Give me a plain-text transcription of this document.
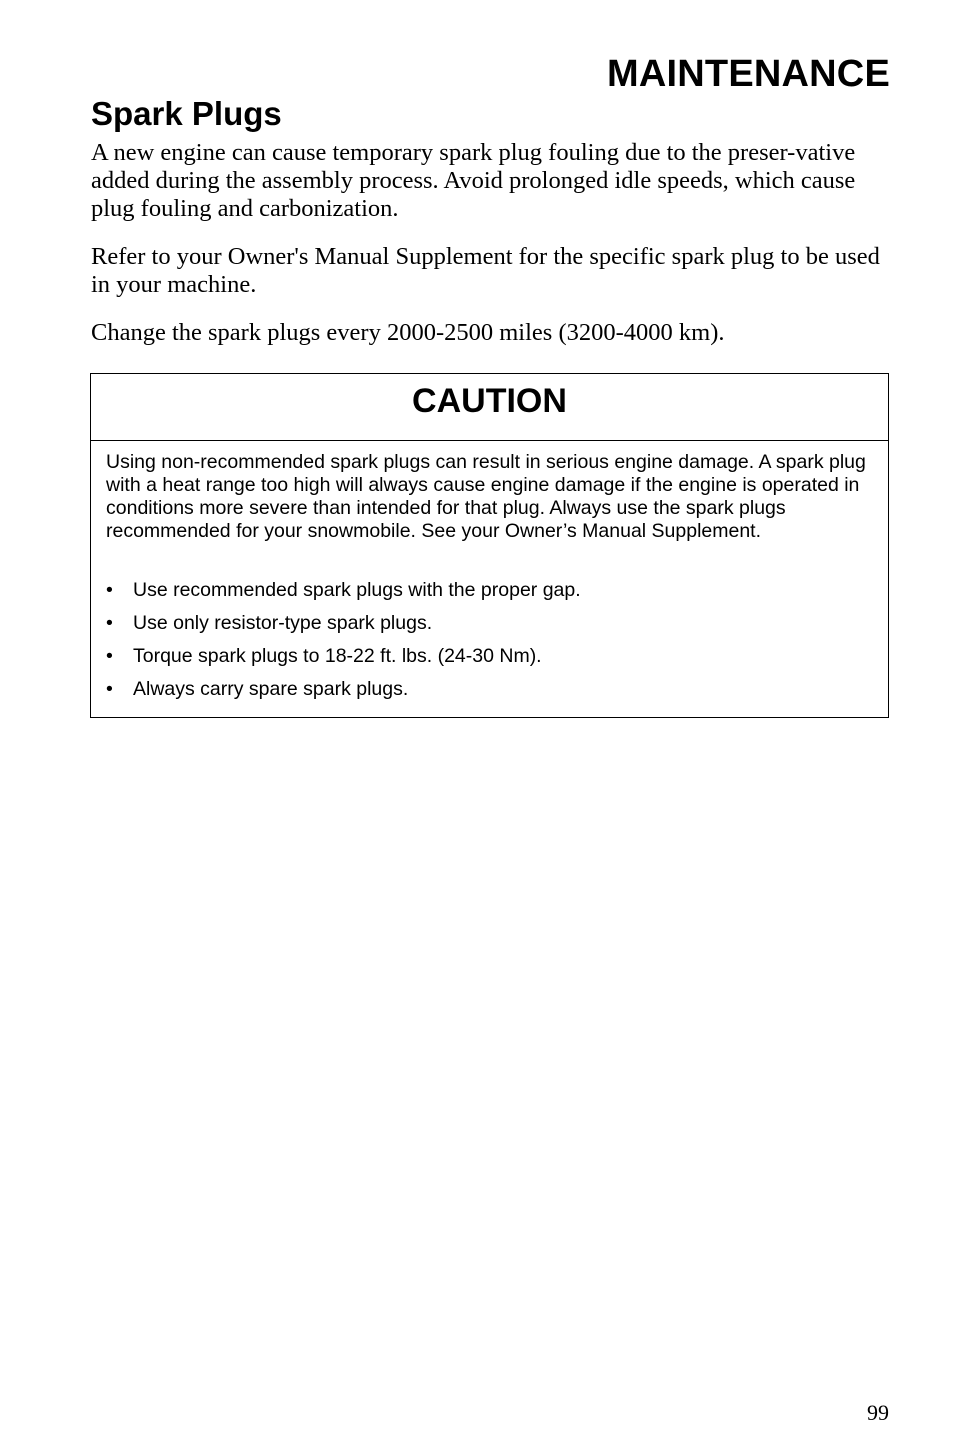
MAINTENANCE
Spark Plugs

A new engine can cause temporary spark plug fouling due to the preser-vative added during the assembly process. Avoid prolonged idle speeds, which cause plug fouling and carbonization.

Refer to your Owner's Manual Supplement for the specific spark plug to be used in your machine.

Change the spark plugs every 2000-2500 miles (3200-4000 km).

CAUTION

Using non-recommended spark plugs can result in serious engine damage. A spark plug with a heat range too high will always cause engine damage if the engine is operated in conditions more severe than intended for that plug. Always use the spark plugs recommended for your snowmobile. See your Owner’s Manual Supplement.

• Use recommended spark plugs with the proper gap.
• Use only resistor-type spark plugs.
• Torque spark plugs to 18-22 ft. lbs. (24-30 Nm).
• Always carry spare spark plugs.

99
